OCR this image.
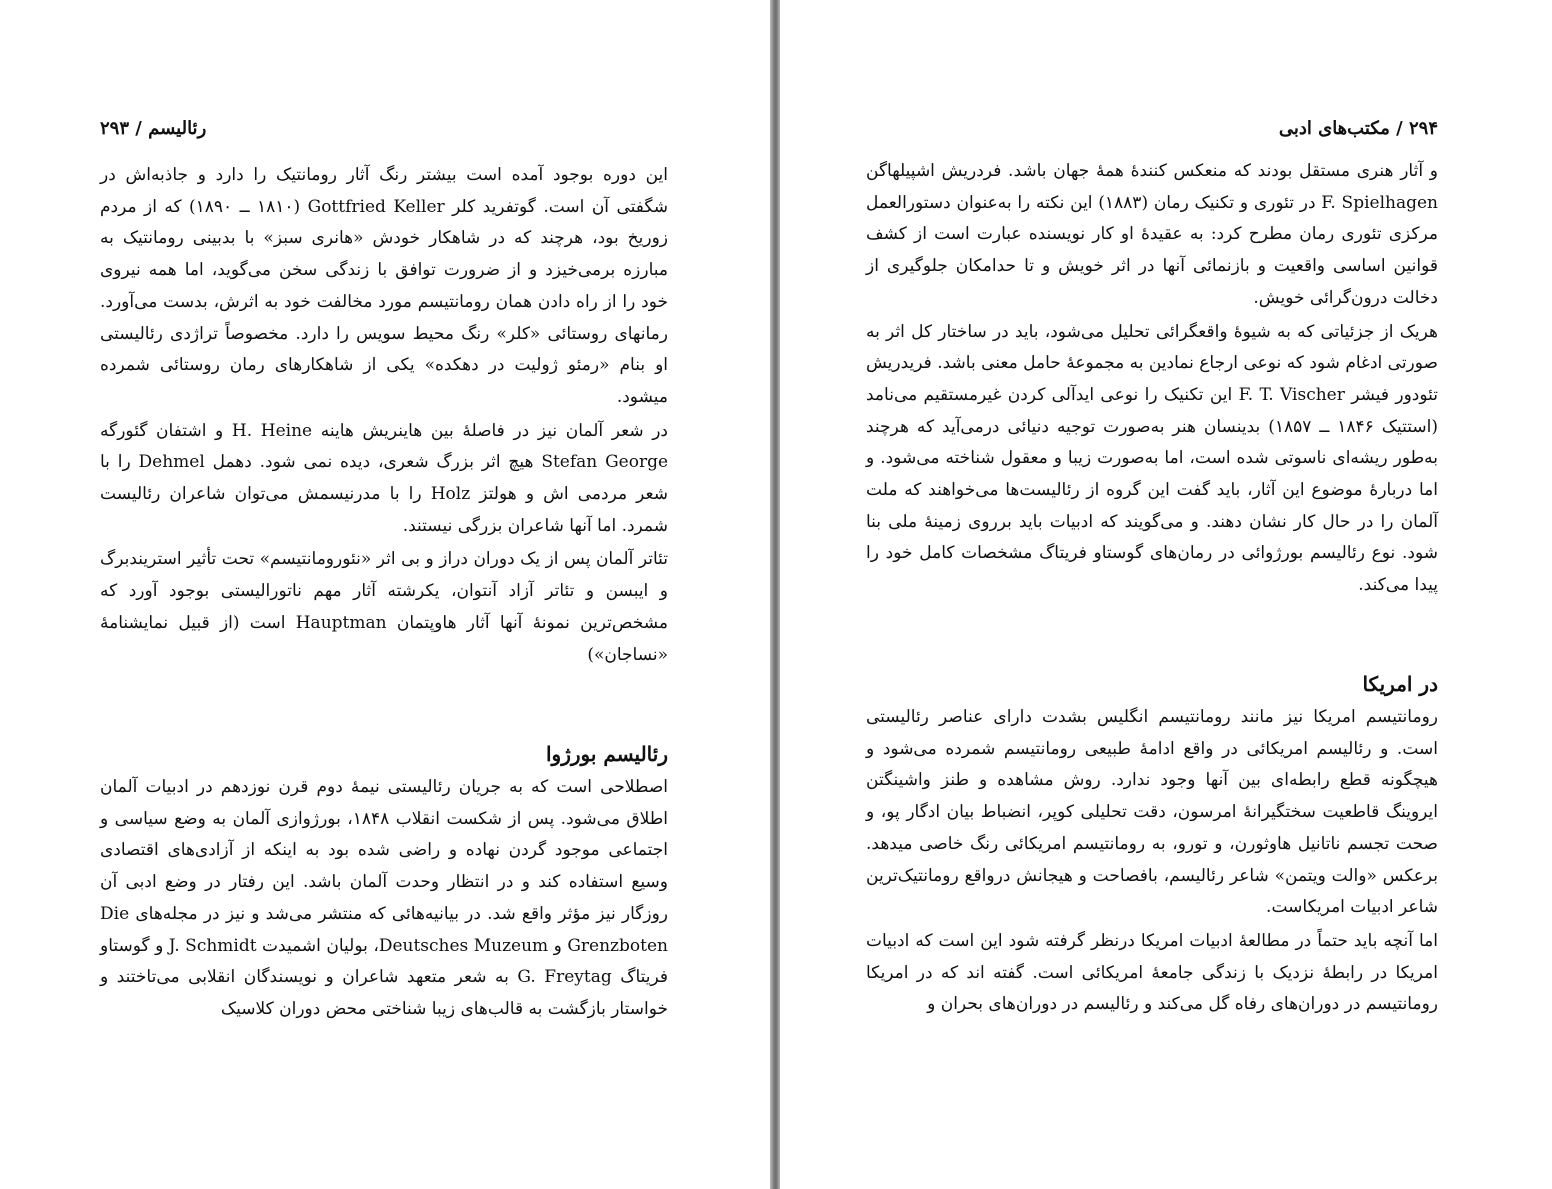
رئالیسم / ۲۹۳

این دوره بوجود آمده است بیشتر رنگ آثار رومانتیک را دارد و جاذبه‌اش در شگفتی آن است. گوتفرید کلر Gottfried Keller (۱۸۱۰ ــ ۱۸۹۰) که از مردم زوریخ بود، هرچند که در شاهکار خودش «هانری سبز» با بدبینی رومانتیک به مبارزه برمی‌خیزد و از ضرورت توافق با زندگی سخن می‌گوید، اما همه نیروی خود را از راه دادن همان رومانتیسم مورد مخالفت خود به اثرش، بدست می‌آورد. رمانهای روستائی «کلر» رنگ محیط سویس را دارد. مخصوصاً تراژدی رئالیستی او بنام «رمئو ژولیت در دهکده» یکی از شاهکارهای رمان روستائی شمرده میشود.

در شعر آلمان نیز در فاصلهٔ بین هاینریش هاینه H. Heine و اشتفان گئورگه Stefan George هیچ اثر بزرگ شعری، دیده نمی شود. دهمل Dehmel را با شعر مردمی اش و هولتز Holz را با مدرنیسمش می‌توان شاعران رئالیست شمرد. اما آنها شاعران بزرگی نیستند.

تئاتر آلمان پس از یک دوران دراز و بی اثر «نئورومانتیسم» تحت تأثیر استریندبرگ و ایبسن و تئاتر آزاد آنتوان، یکرشته آثار مهم ناتورالیستی بوجود آورد که مشخص‌ترین نمونهٔ آنها آثار هاوپتمان Hauptman است (از قبیل نمایشنامهٔ «نساجان»)

رئالیسم بورژوا

اصطلاحی است که به جریان رئالیستی نیمهٔ دوم قرن نوزدهم در ادبیات آلمان اطلاق می‌شود. پس از شکست انقلاب ۱۸۴۸، بورژوازی آلمان به وضع سیاسی و اجتماعی موجود گردن نهاده و راضی شده بود به اینکه از آزادی‌های اقتصادی وسیع استفاده کند و در انتظار وحدت آلمان باشد. این رفتار در وضع ادبی آن روزگار نیز مؤثر واقع شد. در بیانیه‌هائی که منتشر می‌شد و نیز در مجله‌های Die Grenzboten و Deutsches Muzeum، بولیان اشمیدت J. Schmidt و گوستاو فریتاگ G. Freytag به شعر متعهد شاعران و نویسندگان انقلابی می‌تاختند و خواستار بازگشت به قالب‌های زیبا شناختی محض دوران کلاسیک

۲۹۴ / مکتب‌های ادبی

و آثار هنری مستقل بودند که منعکس کنندهٔ همهٔ جهان باشد. فردریش اشپیلهاگن F. Spielhagen در تئوری و تکنیک رمان (۱۸۸۳) این نکته را به‌عنوان دستورالعمل مرکزی تئوری رمان مطرح کرد: به عقیدهٔ او کار نویسنده عبارت است از کشف قوانین اساسی واقعیت و بازنمائی آنها در اثر خویش و تا حدامکان جلوگیری از دخالت درون‌گرائی خویش.

هریک از جزئیاتی که به شیوهٔ واقعگرائی تحلیل می‌شود، باید در ساختار کل اثر به صورتی ادغام شود که نوعی ارجاع نمادین به مجموعهٔ حامل معنی باشد. فریدریش تئودور فیشر F. T. Vischer این تکنیک را نوعی ایدآلی کردن غیرمستقیم می‌نامد (استتیک ۱۸۴۶ ــ ۱۸۵۷) بدینسان هنر به‌صورت توجیه دنیائی درمی‌آید که هرچند به‌طور ریشه‌ای ناسوتی شده است، اما به‌صورت زیبا و معقول شناخته می‌شود. و اما دربارهٔ موضوع این آثار، باید گفت این گروه از رئالیست‌ها می‌خواهند که ملت آلمان را در حال کار نشان دهند. و می‌گویند که ادبیات باید برروی زمینهٔ ملی بنا شود. نوع رئالیسم بورژوائی در رمان‌های گوستاو فریتاگ مشخصات کامل خود را پیدا می‌کند.

در امریکا

رومانتیسم امریکا نیز مانند رومانتیسم انگلیس بشدت دارای عناصر رئالیستی است. و رئالیسم امریکائی در واقع ادامهٔ طبیعی رومانتیسم شمرده می‌شود و هیچگونه قطع رابطه‌ای بین آنها وجود ندارد. روش مشاهده و طنز واشینگتن ایروینگ قاطعیت سختگیرانهٔ امرسون، دقت تحلیلی کوپر، انضباط بیان ادگار پو، و صحت تجسم ناتانیل هاوثورن، و تورو، به رومانتیسم امریکائی رنگ خاصی میدهد. برعکس «والت ویتمن» شاعر رئالیسم، بافصاحت و هیجانش درواقع رومانتیک‌ترین شاعر ادبیات امریکاست.

اما آنچه باید حتماً در مطالعهٔ ادبیات امریکا درنظر گرفته شود این است که ادبیات امریکا در رابطهٔ نزدیک با زندگی جامعهٔ امریکائی است. گفته اند که در امریکا رومانتیسم در دوران‌های رفاه گل می‌کند و رئالیسم در دوران‌های بحران و
